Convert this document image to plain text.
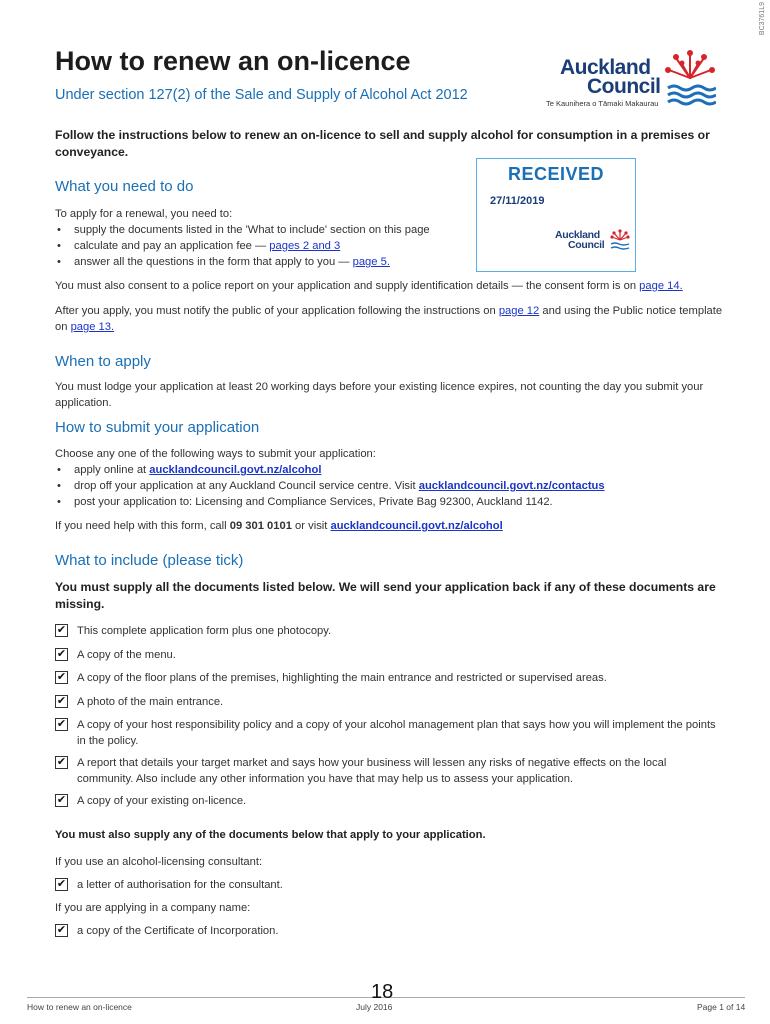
BC3761L9
How to renew an on-licence
Under section 127(2) of the Sale and Supply of Alcohol Act 2012
Auckland
Council
Te Kaunihera o Tāmaki Makaurau
Follow the instructions below to renew an on-licence to sell and supply alcohol for consumption in a premises or conveyance.
What you need to do
To apply for a renewal, you need to:
• supply the documents listed in the 'What to include' section on this page
• calculate and pay an application fee — pages 2 and 3
• answer all the questions in the form that apply to you — page 5.
You must also consent to a police report on your application and supply identification details — the consent form is on page 14.
After you apply, you must notify the public of your application following the instructions on page 12 and using the Public notice template on page 13.
RECEIVED
27/11/2019
Auckland
Council
When to apply
You must lodge your application at least 20 working days before your existing licence expires, not counting the day you submit your application.
How to submit your application
Choose any one of the following ways to submit your application:
• apply online at aucklandcouncil.govt.nz/alcohol
• drop off your application at any Auckland Council service centre. Visit aucklandcouncil.govt.nz/contactus
• post your application to: Licensing and Compliance Services, Private Bag 92300, Auckland 1142.
If you need help with this form, call 09 301 0101 or visit aucklandcouncil.govt.nz/alcohol
What to include (please tick)
You must supply all the documents listed below. We will send your application back if any of these documents are missing.
✔ This complete application form plus one photocopy.
✔ A copy of the menu.
✔ A copy of the floor plans of the premises, highlighting the main entrance and restricted or supervised areas.
✔ A photo of the main entrance.
✔ A copy of your host responsibility policy and a copy of your alcohol management plan that says how you will implement the points in the policy.
✔ A report that details your target market and says how your business will lessen any risks of negative effects on the local community. Also include any other information you have that may help us to assess your application.
✔ A copy of your existing on-licence.
You must also supply any of the documents below that apply to your application.
If you use an alcohol-licensing consultant:
✔ a letter of authorisation for the consultant.
If you are applying in a company name:
✔ a copy of the Certificate of Incorporation.
18
How to renew an on-licence	July 2016	Page 1 of 14
